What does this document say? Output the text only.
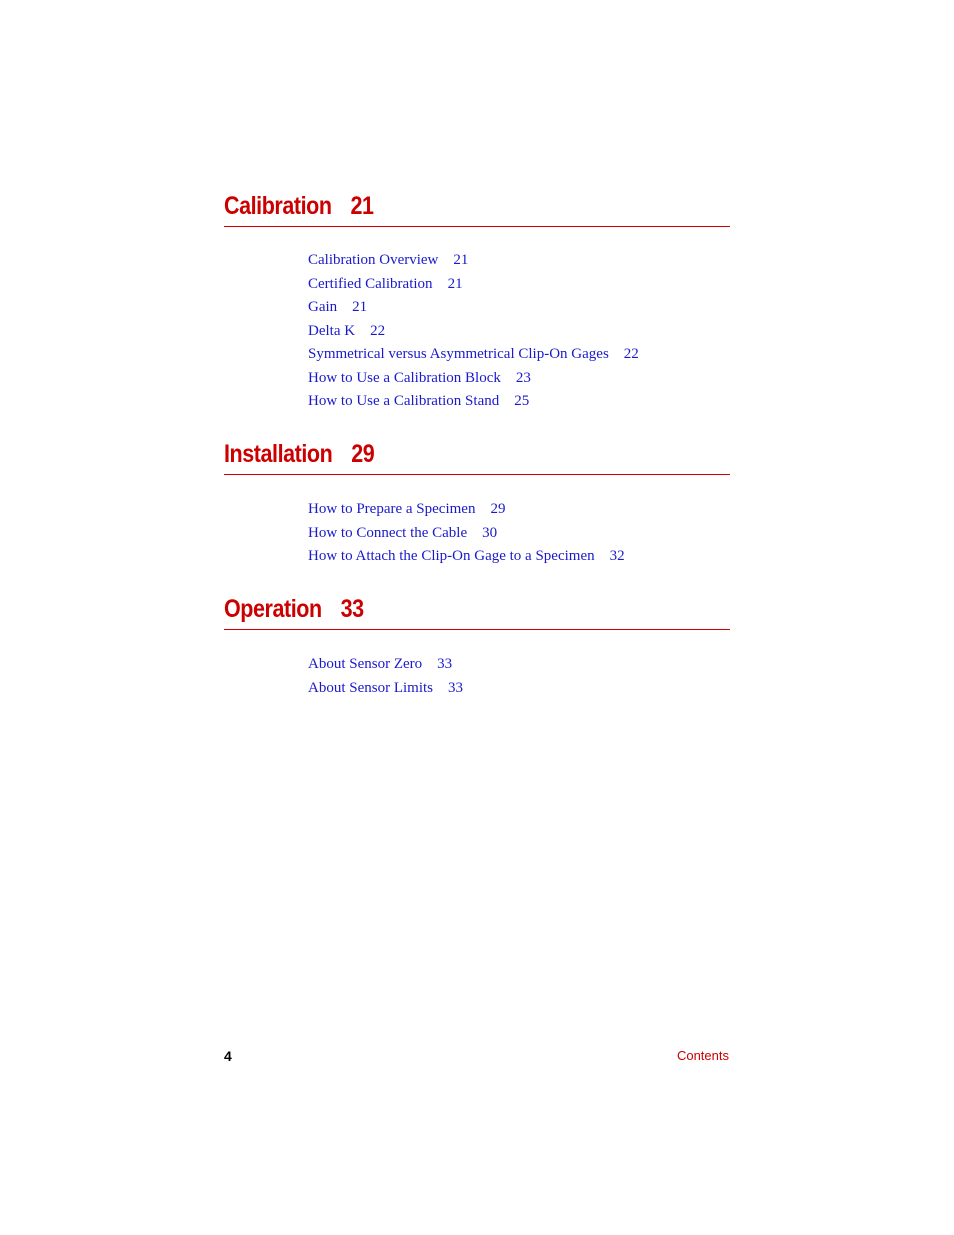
Calibration 21
Calibration Overview 21
Certified Calibration 21
Gain 21
Delta K 22
Symmetrical versus Asymmetrical Clip-On Gages 22
How to Use a Calibration Block 23
How to Use a Calibration Stand 25
Installation 29
How to Prepare a Specimen 29
How to Connect the Cable 30
How to Attach the Clip-On Gage to a Specimen 32
Operation 33
About Sensor Zero 33
About Sensor Limits 33
4	Contents
